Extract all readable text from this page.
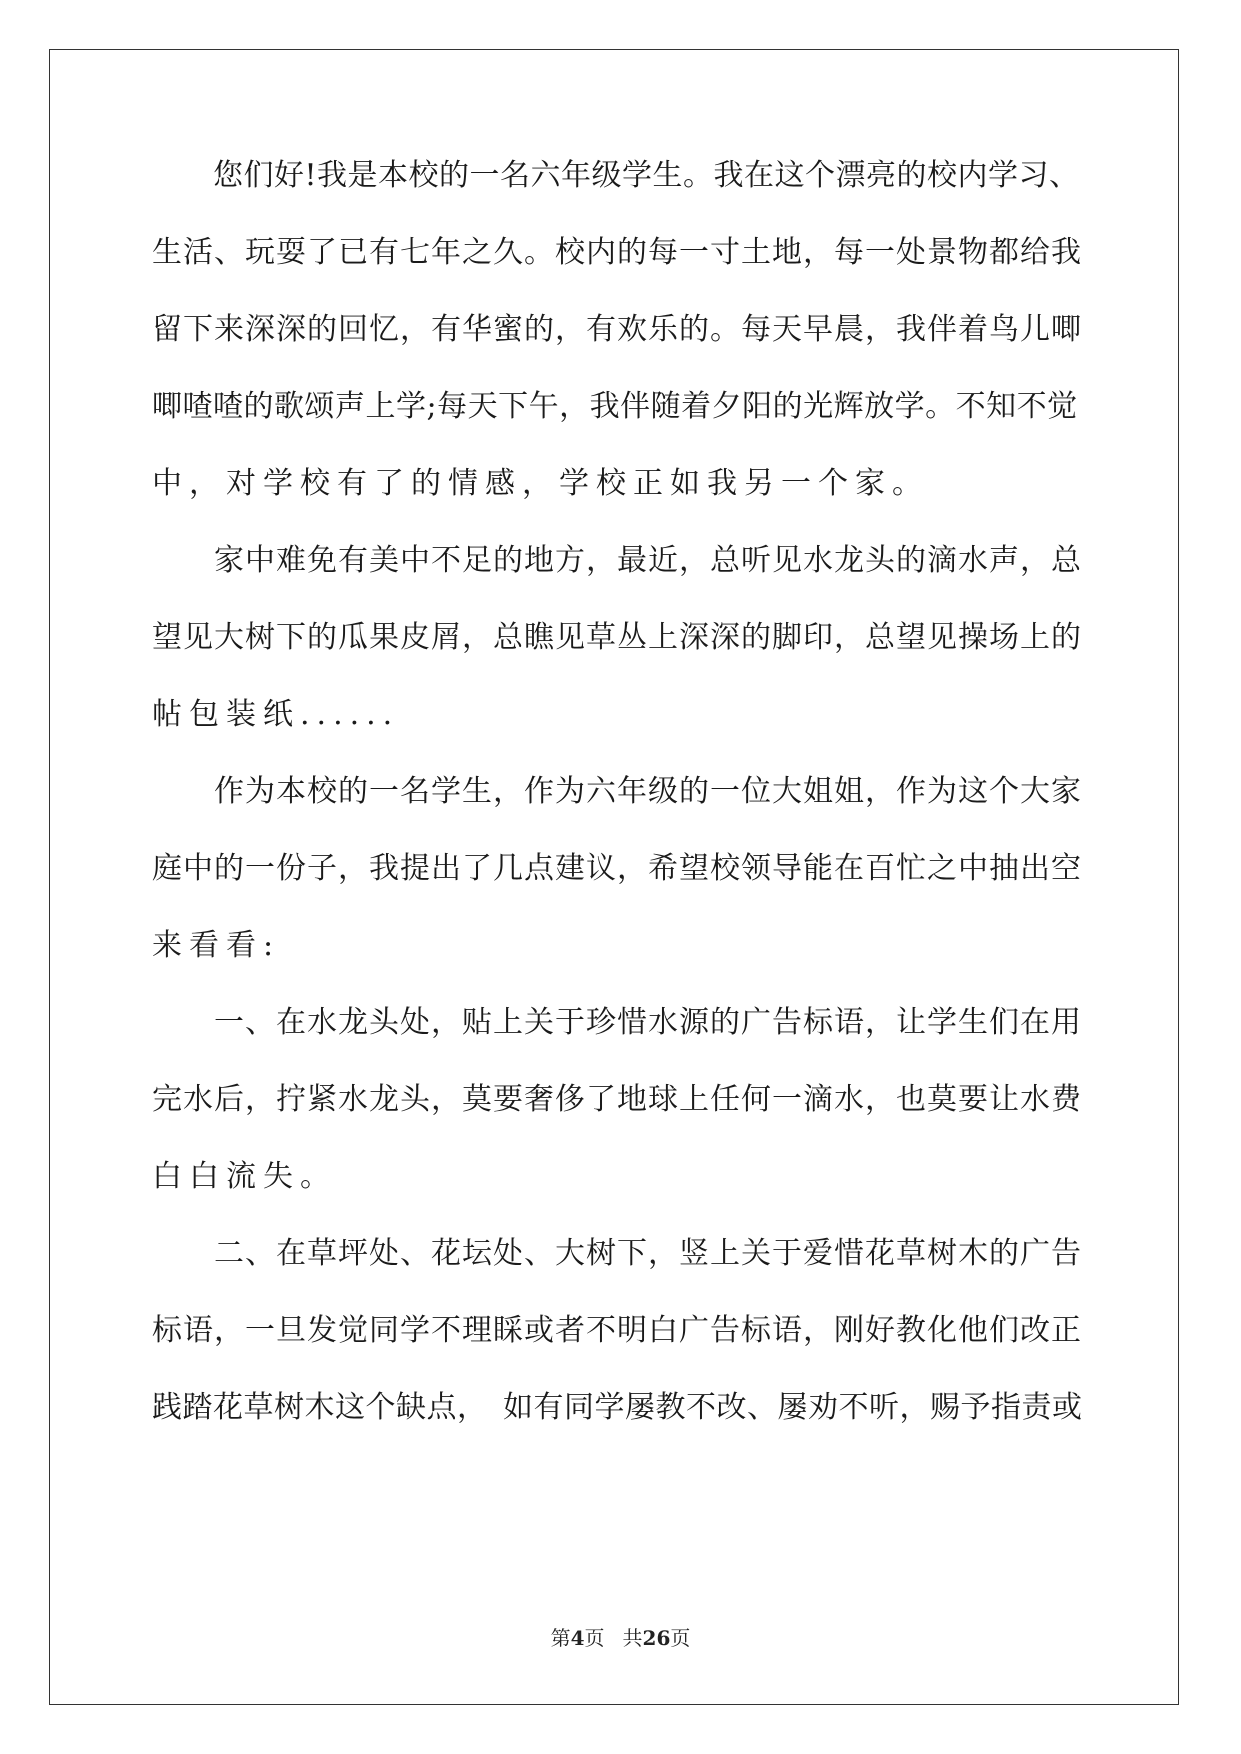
　　您们好!我是本校的一名六年级学生。我在这个漂亮的校内学习、
生活、玩耍了已有七年之久。校内的每一寸土地，每一处景物都给我
留下来深深的回忆，有华蜜的，有欢乐的。每天早晨，我伴着鸟儿唧
唧喳喳的歌颂声上学;每天下午，我伴随着夕阳的光辉放学。不知不觉
中，对学校有了的情感，学校正如我另一个家。
　　家中难免有美中不足的地方，最近，总听见水龙头的滴水声，总
望见大树下的瓜果皮屑，总瞧见草丛上深深的脚印，总望见操场上的
帖包装纸......
　　作为本校的一名学生，作为六年级的一位大姐姐，作为这个大家
庭中的一份子，我提出了几点建议，希望校领导能在百忙之中抽出空
来看看:
　　一、在水龙头处，贴上关于珍惜水源的广告标语，让学生们在用
完水后，拧紧水龙头，莫要奢侈了地球上任何一滴水，也莫要让水费
白白流失。
　　二、在草坪处、花坛处、大树下，竖上关于爱惜花草树木的广告
标语，一旦发觉同学不理睬或者不明白广告标语，刚好教化他们改正
践踏花草树木这个缺点，　如有同学屡教不改、屡劝不听，赐予指责或
第4页 共26页
